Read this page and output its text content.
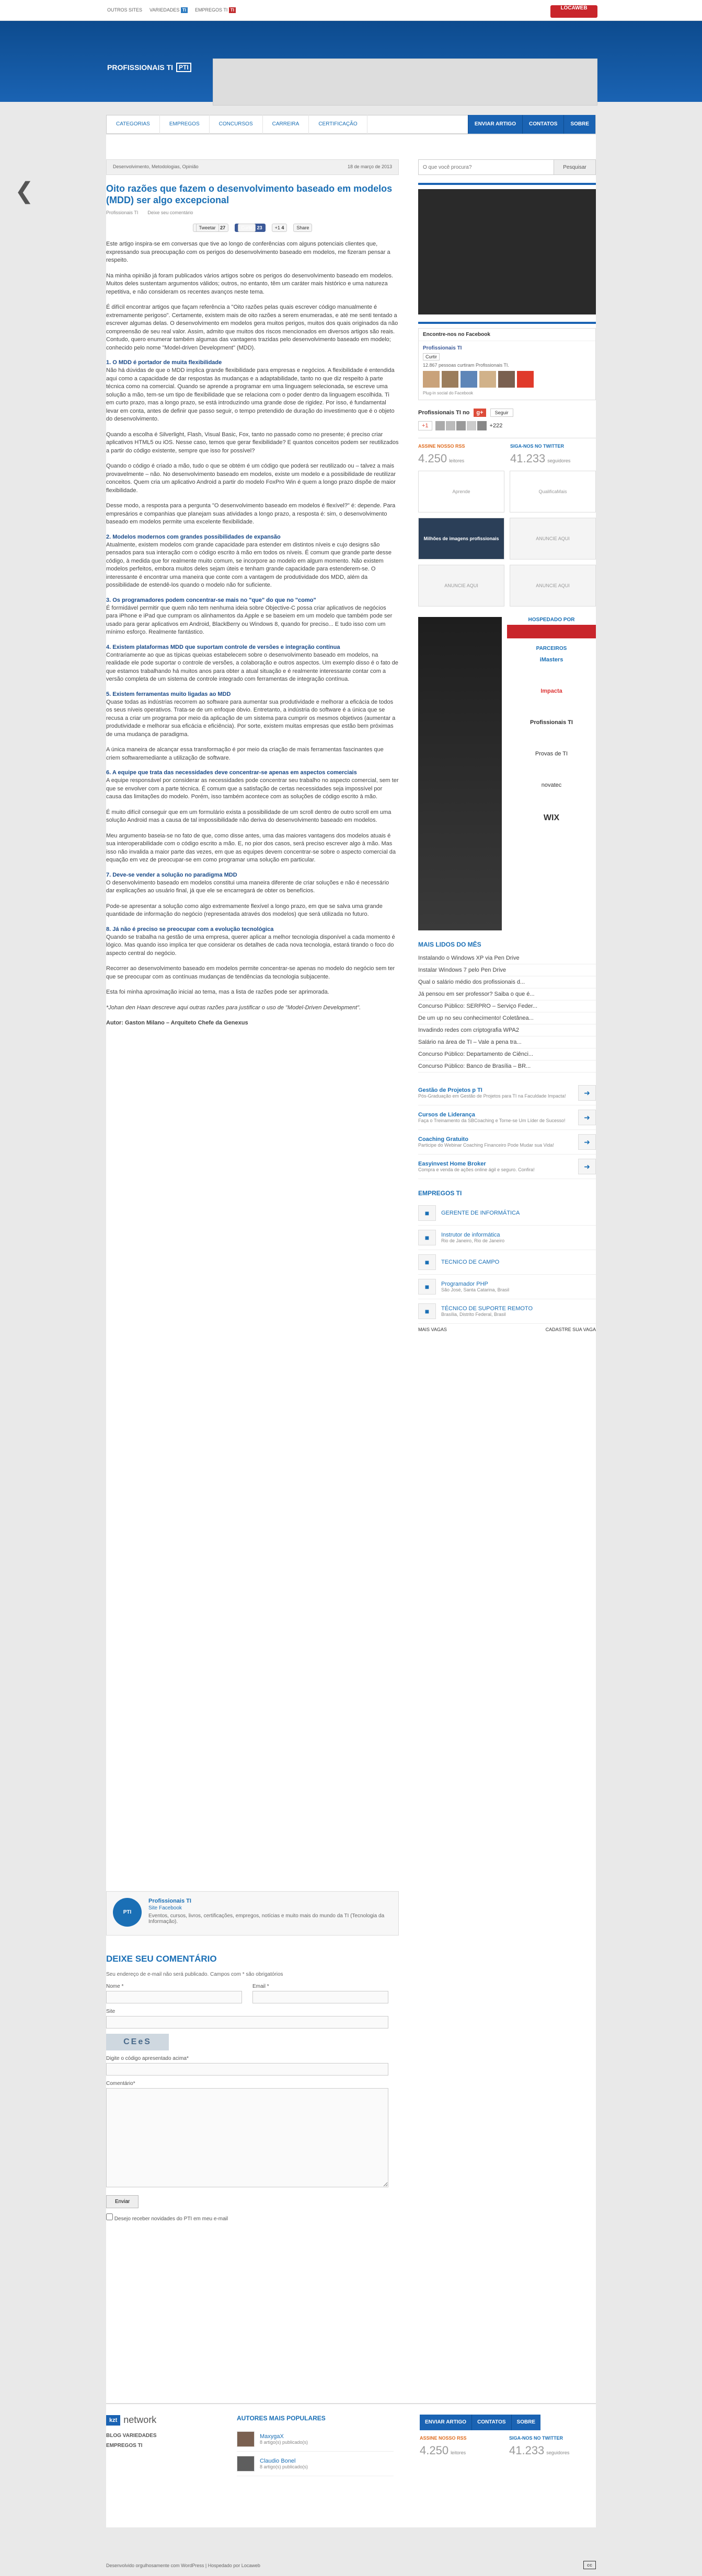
OUTROS SITES VARIEDADES TI	EMPREGOS TI TI	LOCAWEB
PROFISSIONAIS TI PTI
CATEGORIAS	EMPREGOS	CONCURSOS	CARREIRA	CERTIFICAÇÃO	ENVIAR ARTIGO	CONTATOS	SOBRE
❮
Desenvolvimento, Metodologias, Opinião	18 de março de 2013
O que você procura?	Pesquisar
Oito razões que fazem o desenvolvimento baseado em modelos (MDD) ser algo excepcional
Profissionais TI Deixe seu comentário
Tweetar 27	Curtir 23	+1 4	Share

Este artigo inspira-se em conversas que tive ao longo de conferências com alguns potenciais clientes que, expressando sua preocupação com os perigos do desenvolvimento baseado em modelos, me fizeram pensar a respeito.

Na minha opinião já foram publicados vários artigos sobre os perigos do desenvolvimento baseado em modelos. Muitos deles sustentam argumentos válidos; outros, no entanto, têm um caráter mais histórico e uma natureza repetitiva, e não consideram os recentes avanços neste tema.

É difícil encontrar artigos que façam referência a "Oito razões pelas quais escrever código manualmente é extremamente perigoso". Certamente, existem mais de oito razões a serem enumeradas, e até me senti tentado a escrever algumas delas. O desenvolvimento em modelos gera muitos perigos, muitos dos quais originados da não compreensão de seu real valor. Assim, admito que muitos dos riscos mencionados em diversos artigos são reais. Contudo, quero enumerar também algumas das vantagens trazidas pelo desenvolvimento baseado em modelo; conhecido pelo nome "Model-driven Development" (MDD).

1. O MDD é portador de muita flexibilidade

Não há dúvidas de que o MDD implica grande flexibilidade para empresas e negócios. A flexibilidade é entendida aqui como a capacidade de dar respostas às mudanças e a adaptabilidade, tanto no que diz respeito à parte técnica como na comercial. Quando se aprende a programar em uma linguagem selecionada, se escreve uma solução a mão, tem-se um tipo de flexibilidade que se relaciona com o poder dentro da linguagem escolhida. Ti em curto prazo, mas a longo prazo, se está introduzindo uma grande dose de rigidez. Por isso, é fundamental levar em conta, antes de definir que passo seguir, o tempo pretendido de duração do investimento que é o objeto do desenvolvimento.

Quando a escolha é Silverlight, Flash, Visual Basic, Fox, tanto no passado como no presente; é preciso criar aplicativos HTML5 ou iOS. Nesse caso, temos que gerar flexibilidade? E quantos conceitos podem ser reutilizados a partir do código existente, sempre que isso for possível?

Quando o código é criado a mão, tudo o que se obtém é um código que poderá ser reutilizado ou – talvez a mais provavelmente – não. No desenvolvimento baseado em modelos, existe um modelo e a possibilidade de reutilizar conceitos. Quem cria um aplicativo Android a partir do modelo FoxPro Win é quem a longo prazo dispõe de maior flexibilidade.

Desse modo, a resposta para a pergunta "O desenvolvimento baseado em modelos é flexível?" é: depende. Para empresários e companhias que planejam suas atividades a longo prazo, a resposta é: sim, o desenvolvimento baseado em modelos permite uma excelente flexibilidade.

2. Modelos modernos com grandes possibilidades de expansão

Atualmente, existem modelos com grande capacidade para estender em distintos níveis e cujo designs são pensados para sua interação com o código escrito à mão em todos os níveis. É comum que grande parte desse código, à medida que for realmente muito comum, se incorpore ao modelo em algum momento. Não existem modelos perfeitos, embora muitos deles sejam úteis e tenham grande capacidade para estenderem-se. O interessante é encontrar uma maneira que conte com a vantagem de produtividade dos MDD, além da possibilidade de estendê-los quando o modelo não for suficiente.

3. Os programadores podem concentrar-se mais no "que" do que no "como"

É formidável permitir que quem não tem nenhuma ideia sobre Objective-C possa criar aplicativos de negócios para iPhone e iPad que cumpram os alinhamentos da Apple e se baseiem em um modelo que também pode ser usado para gerar aplicativos em Android, BlackBerry ou Windows 8, quando for preciso... E tudo isso com um mínimo esforço. Realmente fantástico.

4. Existem plataformas MDD que suportam controle de versões e integração contínua

Contrariamente ao que as típicas queixas estabelecem sobre o desenvolvimento baseado em modelos, na realidade ele pode suportar o controle de versões, a colaboração e outros aspectos. Um exemplo disso é o fato de que estamos trabalhando há muitos anos para obter a atual situação e é realmente interessante contar com a versão completa de um sistema de controle integrado com ferramentas de integração contínua.

5. Existem ferramentas muito ligadas ao MDD

Quase todas as indústrias recorrem ao software para aumentar sua produtividade e melhorar a eficácia de todos os seus níveis operativos. Trata-se de um enfoque óbvio. Entretanto, a indústria do software é a única que se recusa a criar um programa por meio da aplicação de um sistema para cumprir os mesmos objetivos (aumentar a produtividade e melhorar sua eficácia e eficiência). Por sorte, existem muitas empresas que estão bem próximas de uma mudança de paradigma.

A única maneira de alcançar essa transformação é por meio da criação de mais ferramentas fascinantes que criem softwaremediante a utilização de software.

6. A equipe que trata das necessidades deve concentrar-se apenas em aspectos comerciais

A equipe responsável por considerar as necessidades pode concentrar seu trabalho no aspecto comercial, sem ter que se envolver com a parte técnica. É comum que a satisfação de certas necessidades seja impossível por causa das limitações do modelo. Porém, isso também acontece com as soluções de código escrito à mão.

É muito difícil conseguir que em um formulário exista a possibilidade de um scroll dentro de outro scroll em uma solução Android mas a causa de tal impossibilidade não deriva do desenvolvimento baseado em modelos.

Meu argumento baseia-se no fato de que, como disse antes, uma das maiores vantagens dos modelos atuais é sua interoperabilidade com o código escrito a mão. E, no pior dos casos, será preciso escrever algo à mão. Mas isso não invalida a maior parte das vezes, em que as equipes devem concentrar-se sobre o aspecto comercial da equação em vez de preocupar-se em como programar uma solução em particular.

7. Deve-se vender a solução no paradigma MDD

O desenvolvimento baseado em modelos constitui uma maneira diferente de criar soluções e não é necessário dar explicações ao usuário final, já que ele se encarregará de obter os benefícios.

Pode-se apresentar a solução como algo extremamente flexível a longo prazo, em que se salva uma grande quantidade de informação do negócio (representada através dos modelos) que será utilizada no futuro.

8. Já não é preciso se preocupar com a evolução tecnológica

Quando se trabalha na gestão de uma empresa, querer aplicar a melhor tecnologia disponível a cada momento é lógico. Mas quando isso implica ter que considerar os detalhes de cada nova tecnologia, estará tirando o foco do aspecto central do negócio.

Recorrer ao desenvolvimento baseado em modelos permite concentrar-se apenas no modelo do negócio sem ter que se preocupar com as contínuas mudanças de tendências da tecnologia subjacente.

Esta foi minha aproximação inicial ao tema, mas a lista de razões pode ser aprimorada.

*Johan den Haan descreve aqui outras razões para justificar o uso de "Model-Driven Development".

Autor: Gaston Milano – Arquiteto Chefe da Genexus

PTI
Profissionais TI
Site Facebook
Eventos, cursos, livros, certificações, empregos, notícias e muito mais do mundo da TI (Tecnologia da Informação).
DEIXE SEU COMENTÁRIO

Seu endereço de e-mail não será publicado. Campos com * são obrigatórios

Nome *	Email *
Site
CEeS
Digite o código apresentado acima*
Comentário*
Enviar
Desejo receber novidades do PTI em meu e-mail
Encontre-nos no Facebook
Profissionais TI
Curtir
12.867 pessoas curtiram Profissionais TI.
Plug-in social do Facebook
Profissionais TI no	g+	Seguir
+1	+222
ASSINE NOSSO RSS
4.250 leitores
SIGA-NOS NO TWITTER
41.233 seguidores
Aprende	QualificaMais
Milhões de imagens profissionais	ANUNCIE AQUI
ANUNCIE AQUI	ANUNCIE AQUI
HOSPEDADO POR
PARCEIROS
iMasters
Impacta
Profissionais TI
Provas de TI
novatec
WIX
MAIS LIDOS DO MÊS
Instalando o Windows XP via Pen Drive
Instalar Windows 7 pelo Pen Drive
Qual o salário médio dos profissionais d...
Já pensou em ser professor? Saiba o que é...
Concurso Público: SERPRO – Serviço Feder...
De um up no seu conhecimento! Coletânea...
Invadindo redes com criptografia WPA2
Salário na área de TI – Vale a pena tra...
Concurso Público: Departamento de Ciênci...
Concurso Público: Banco de Brasília – BR...
Gestão de Projetos p TI
Pós-Graduação em Gestão de Projetos para TI na Faculdade Impacta!	➜
Cursos de Liderança
Faça o Treinamento da SBCoaching e Torne-se Um Líder de Sucesso!	➜
Coaching Gratuito
Participe do Webinar Coaching Financeiro Pode Mudar sua Vida!	➜
Easyinvest Home Broker
Compra e venda de ações online ágil e seguro. Confira!	➜
EMPREGOS TI
■	GERENTE DE INFORMÁTICA
■	Instrutor de informática
Rio de Janeiro, Rio de Janeiro
■	TECNICO DE CAMPO
■	Programador PHP
São José, Santa Catarina, Brasil
■	TÉCNICO DE SUPORTE REMOTO
Brasília, Distrito Federal, Brasil
MAIS VAGAS	CADASTRE SUA VAGA
kzt network
BLOG VARIEDADES
EMPREGOS TI
AUTORES MAIS POPULARES
MaxygaX
8 artigo(s) publicado(s)
Claudio Bonel
8 artigo(s) publicado(s)
ENVIAR ARTIGO	CONTATOS	SOBRE
ASSINE NOSSO RSS
4.250 leitores
SIGA-NOS NO TWITTER
41.233 seguidores
Desenvolvido orgulhosamente com WordPress | Hospedado por Locaweb	cc
